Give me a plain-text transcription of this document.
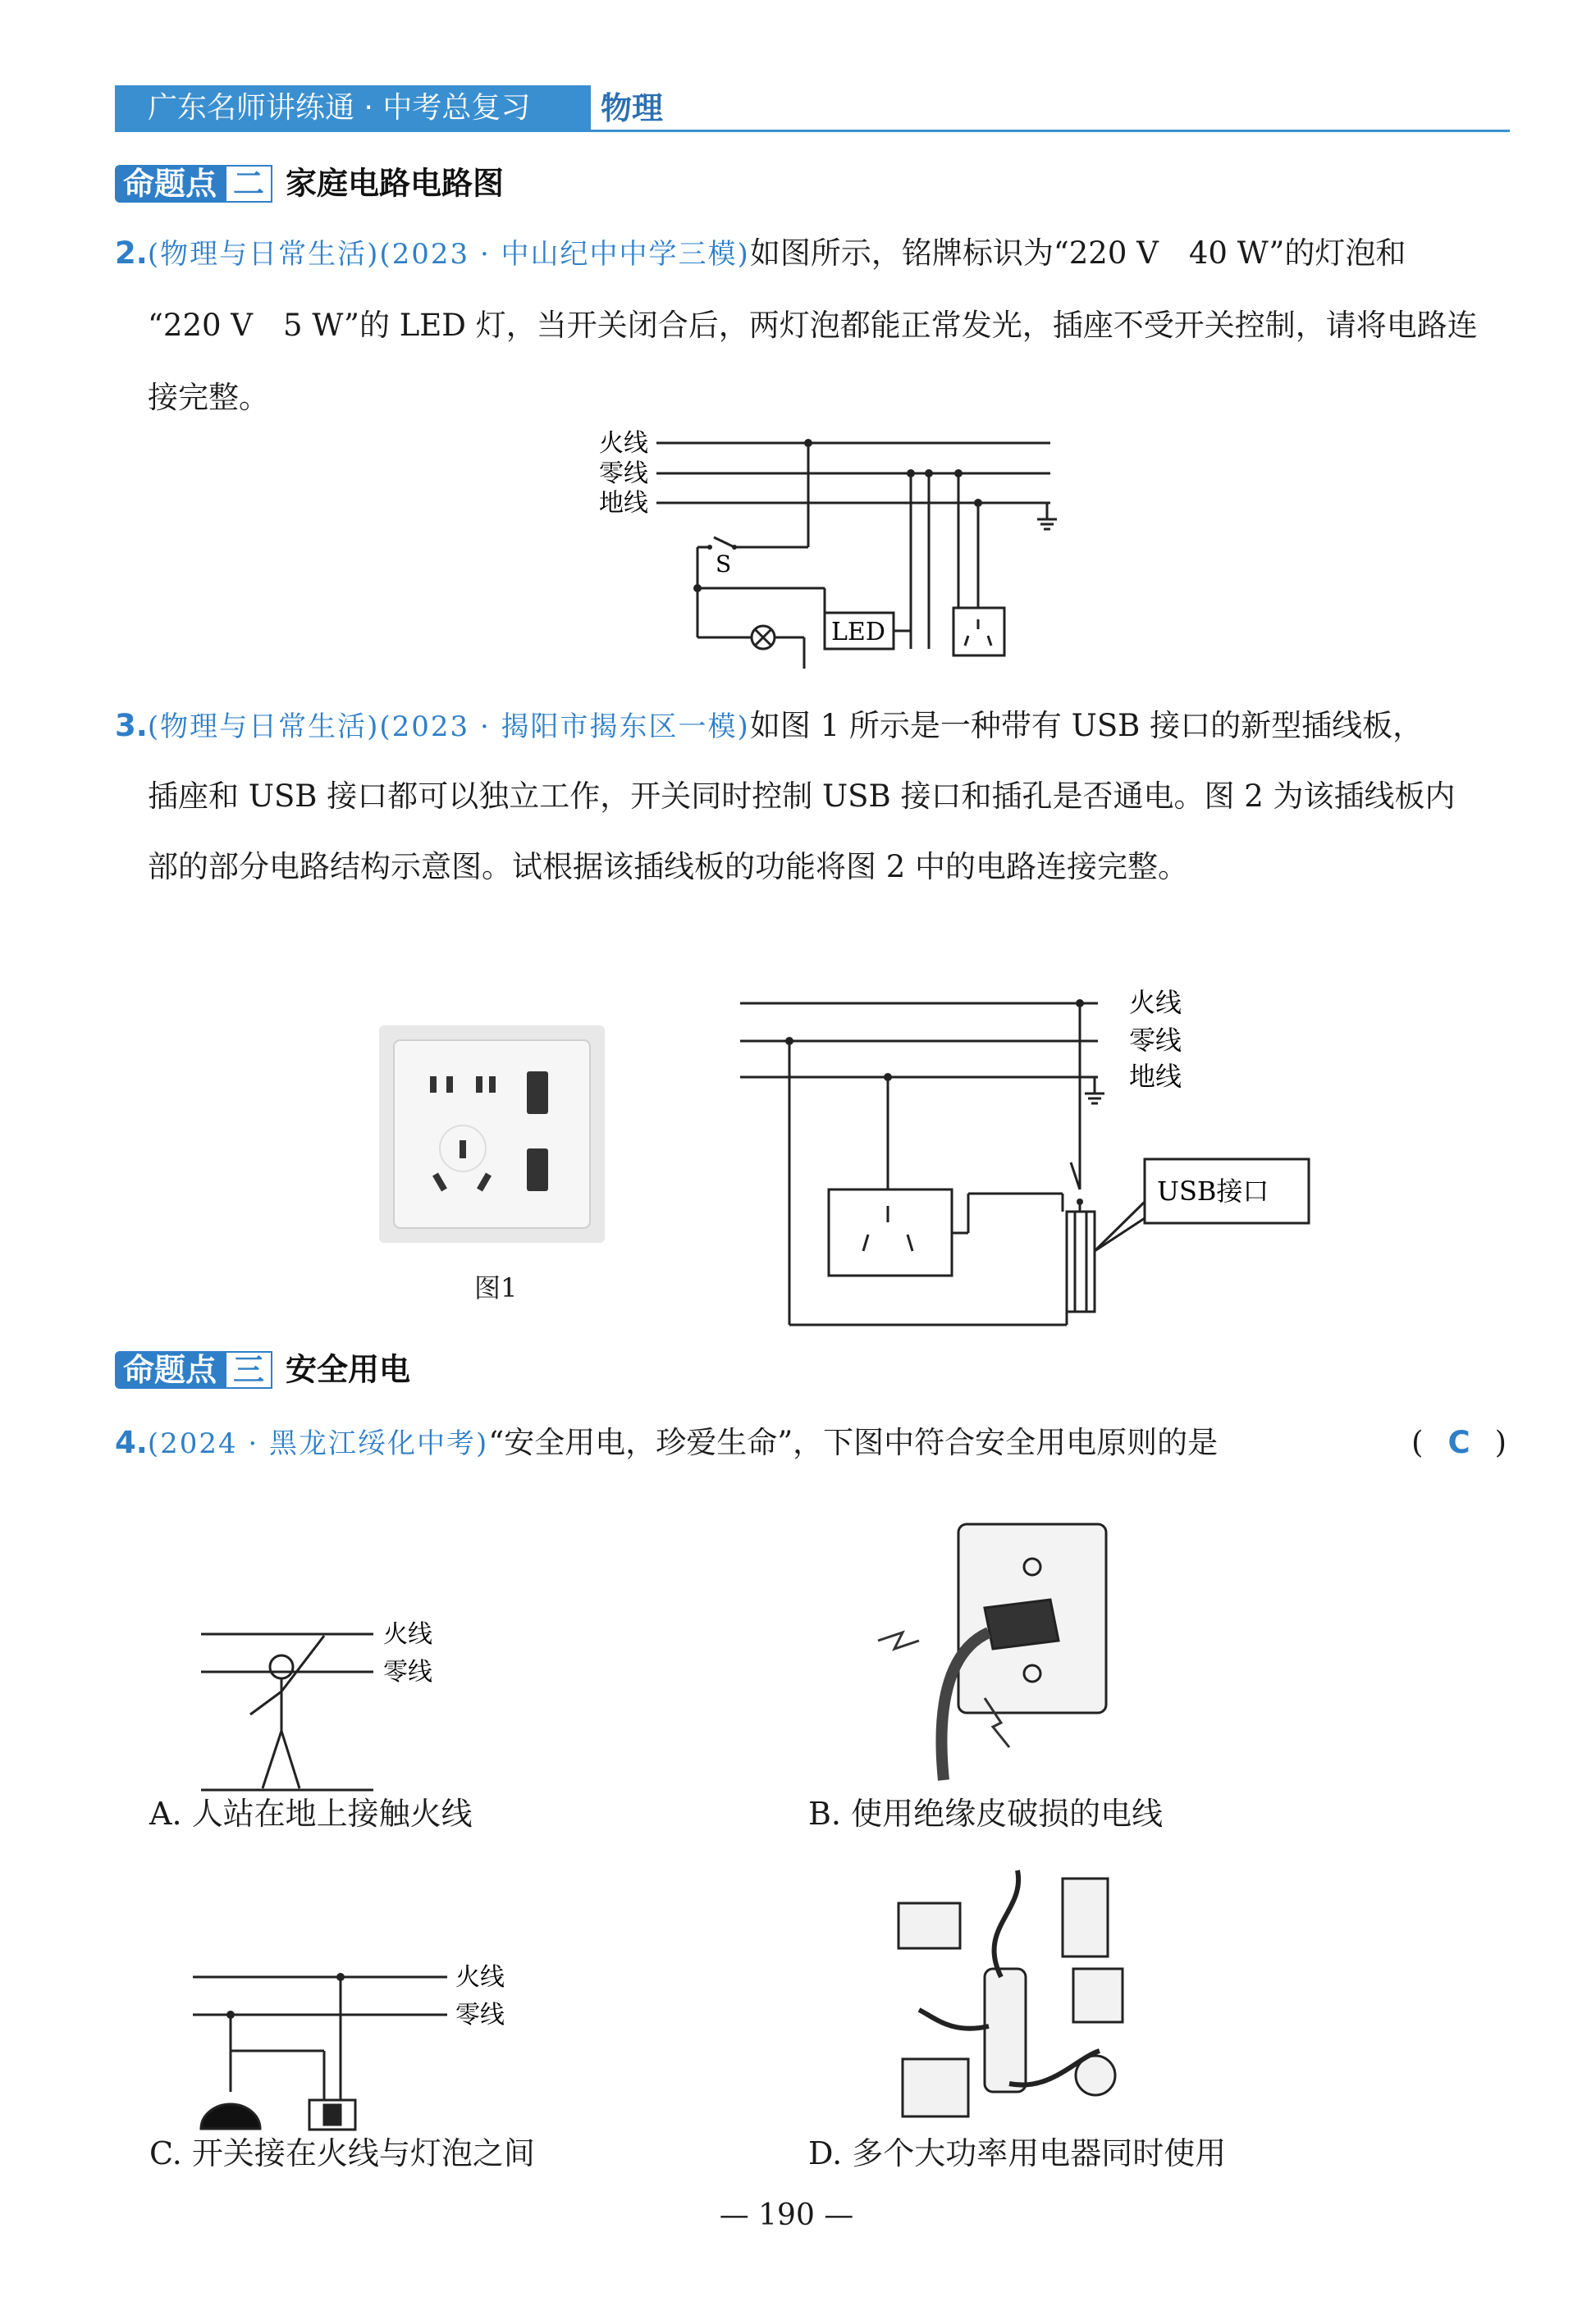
广东名师讲练通 · 中考总复习	物理
命题点 二 家庭电路电路图
2.(物理与日常生活)(2023 · 中山纪中中学三模)如图所示，铭牌标识为“220 V　40 W”的灯泡和
“220 V　5 W”的 LED 灯，当开关闭合后，两灯泡都能正常发光，插座不受开关控制，请将电路连
接完整。
火线
零线
地线
S
LED
3.(物理与日常生活)(2023 · 揭阳市揭东区一模)如图 1 所示是一种带有 USB 接口的新型插线板，
插座和 USB 接口都可以独立工作，开关同时控制 USB 接口和插孔是否通电。图 2 为该插线板内
部的部分电路结构示意图。试根据该插线板的功能将图 2 中的电路连接完整。
图1
火线
零线
地线
USB接口
命题点 三 安全用电
4.(2024 · 黑龙江绥化中考)“安全用电，珍爱生命”，下图中符合安全用电原则的是	( C )
火线
零线
A. 人站在地上接触火线	B. 使用绝缘皮破损的电线
火线
零线
C. 开关接在火线与灯泡之间	D. 多个大功率用电器同时使用
— 190 —
